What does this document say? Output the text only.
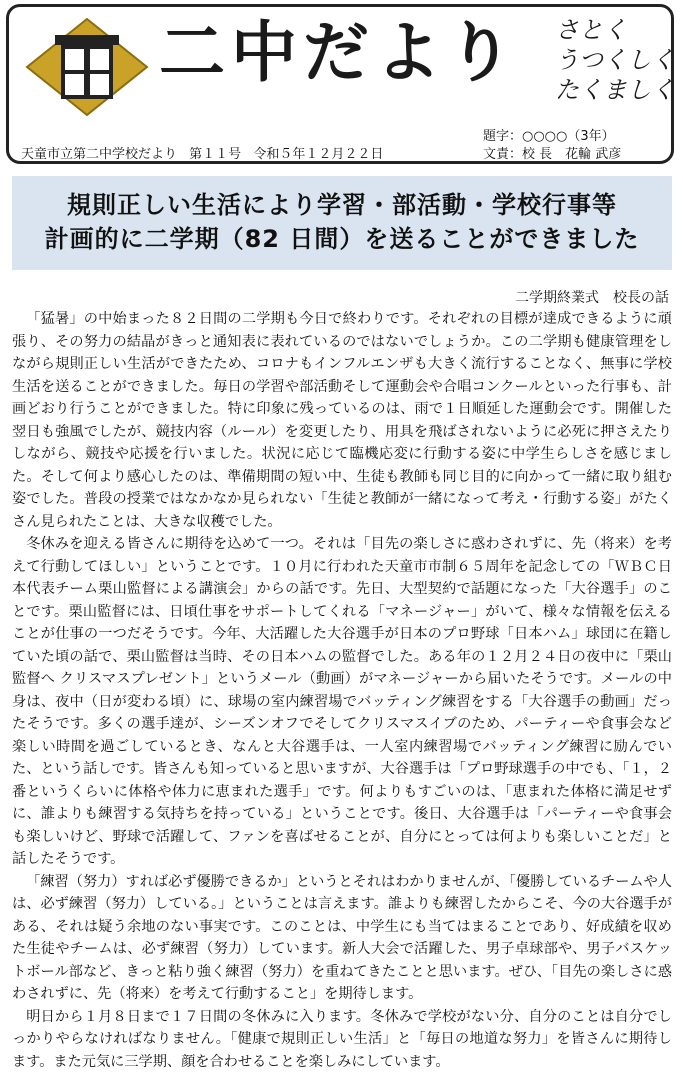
二中だより さとく
うつくしく
たくましく
題字：○○○○（3年）
天童市立第二中学校だより 第１１号 令和５年１２月２２日	文責：校 長　花輪 武彦
規則正しい生活により学習・部活動・学校行事等
計画的に二学期（82 日間）を送ることができました
二学期終業式　校長の話

「猛暑」の中始まった８２日間の二学期も今日で終わりです。それぞれの目標が達成できるように頑張り、その努力の結晶がきっと通知表に表れているのではないでしょうか。この二学期も健康管理をしながら規則正しい生活ができたため、コロナもインフルエンザも大きく流行することなく、無事に学校生活を送ることができました。毎日の学習や部活動そして運動会や合唱コンクールといった行事も、計画どおり行うことができました。特に印象に残っているのは、雨で１日順延した運動会です。開催した翌日も強風でしたが、競技内容（ルール）を変更したり、用具を飛ばされないように必死に押さえたりしながら、競技や応援を行いました。状況に応じて臨機応変に行動する姿に中学生らしさを感じました。そして何より感心したのは、準備期間の短い中、生徒も教師も同じ目的に向かって一緒に取り組む姿でした。普段の授業ではなかなか見られない「生徒と教師が一緒になって考え・行動する姿」がたくさん見られたことは、大きな収穫でした。

冬休みを迎える皆さんに期待を込めて一つ。それは「目先の楽しさに惑わされずに、先（将来）を考えて行動してほしい」ということです。１０月に行われた天童市市制６５周年を記念しての「ＷＢＣ日本代表チーム栗山監督による講演会」からの話です。先日、大型契約で話題になった「大谷選手」のことです。栗山監督には、日頃仕事をサポートしてくれる「マネージャー」がいて、様々な情報を伝えることが仕事の一つだそうです。今年、大活躍した大谷選手が日本のプロ野球「日本ハム」球団に在籍していた頃の話で、栗山監督は当時、その日本ハムの監督でした。ある年の１２月２４日の夜中に「栗山監督へ クリスマスプレゼント」というメール（動画）がマネージャーから届いたそうです。メールの中身は、夜中（日が変わる頃）に、球場の室内練習場でバッティング練習をする「大谷選手の動画」だったそうです。多くの選手達が、シーズンオフでそしてクリスマスイブのため、パーティーや食事会など楽しい時間を過ごしているとき、なんと大谷選手は、一人室内練習場でバッティング練習に励んでいた、という話しです。皆さんも知っていると思いますが、大谷選手は「プロ野球選手の中でも、「１，２番というくらいに体格や体力に恵まれた選手」です。何よりもすごいのは、「恵まれた体格に満足せずに、誰よりも練習する気持ちを持っている」ということです。後日、大谷選手は「パーティーや食事会も楽しいけど、野球で活躍して、ファンを喜ばせることが、自分にとっては何よりも楽しいことだ」と話したそうです。

「練習（努力）すれば必ず優勝できるか」というとそれはわかりませんが、「優勝しているチームや人は、必ず練習（努力）している。」ということは言えます。誰よりも練習したからこそ、今の大谷選手がある、それは疑う余地のない事実です。このことは、中学生にも当てはまることであり、好成績を収めた生徒やチームは、必ず練習（努力）しています。新人大会で活躍した、男子卓球部や、男子バスケットボール部など、きっと粘り強く練習（努力）を重ねてきたことと思います。ぜひ、「目先の楽しさに惑わされずに、先（将来）を考えて行動すること」を期待します。

明日から１月８日まで１７日間の冬休みに入ります。冬休みで学校がない分、自分のことは自分でしっかりやらなければなりません。「健康で規則正しい生活」と「毎日の地道な努力」を皆さんに期待します。また元気に三学期、顔を合わせることを楽しみにしています。
